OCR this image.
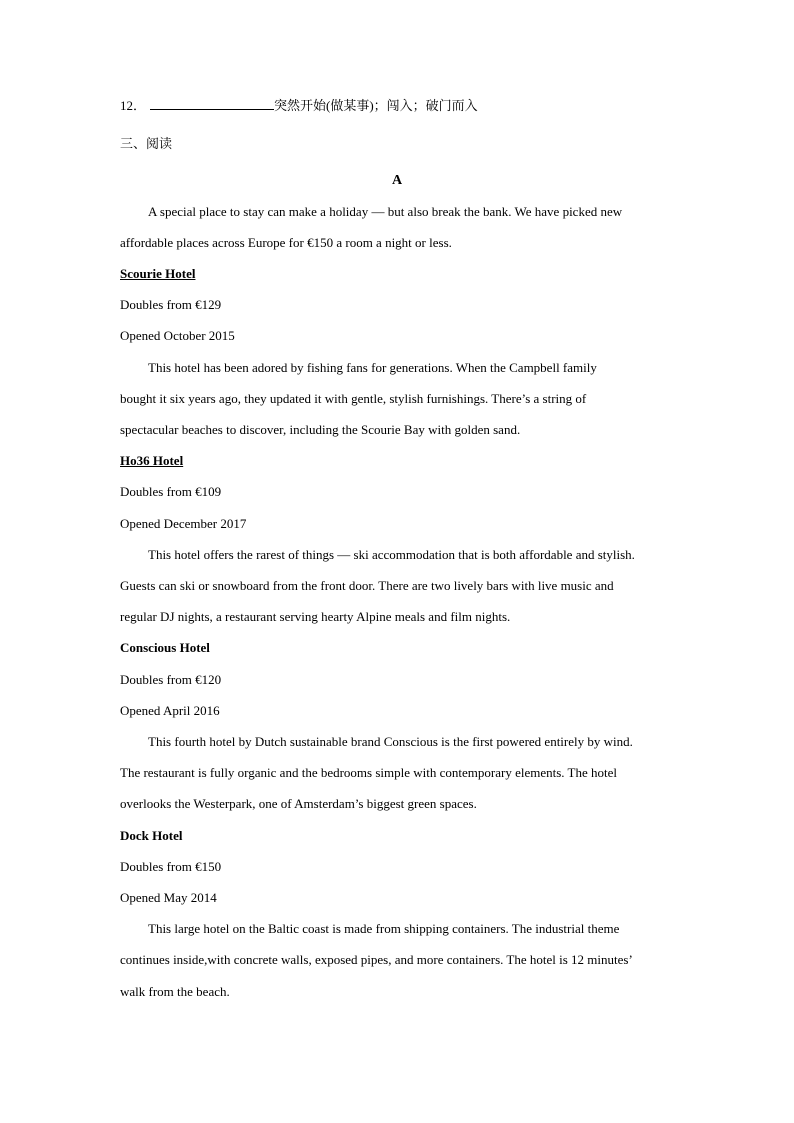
12．	突然开始(做某事)；闯入；破门而入
三、阅读
A
A special place to stay can make a holiday — but also break the bank. We have picked new
affordable places across Europe for €150 a room a night or less.
Scourie Hotel
Doubles from €129
Opened October 2015
This hotel has been adored by fishing fans for generations. When the Campbell family
bought it six years ago, they updated it with gentle, stylish furnishings. There’s a string of
spectacular beaches to discover, including the Scourie Bay with golden sand.
Ho36 Hotel
Doubles from €109
Opened December 2017
This hotel offers the rarest of things — ski accommodation that is both affordable and stylish.
Guests can ski or snowboard from the front door. There are two lively bars with live music and
regular DJ nights, a restaurant serving hearty Alpine meals and film nights.
Conscious Hotel
Doubles from €120
Opened April 2016
This fourth hotel by Dutch sustainable brand Conscious is the first powered entirely by wind.
The restaurant is fully organic and the bedrooms simple with contemporary elements. The hotel
overlooks the Westerpark, one of Amsterdam’s biggest green spaces.
Dock Hotel
Doubles from €150
Opened May 2014
This large hotel on the Baltic coast is made from shipping containers. The industrial theme
continues inside,with concrete walls, exposed pipes, and more containers. The hotel is 12 minutes’
walk from the beach.
